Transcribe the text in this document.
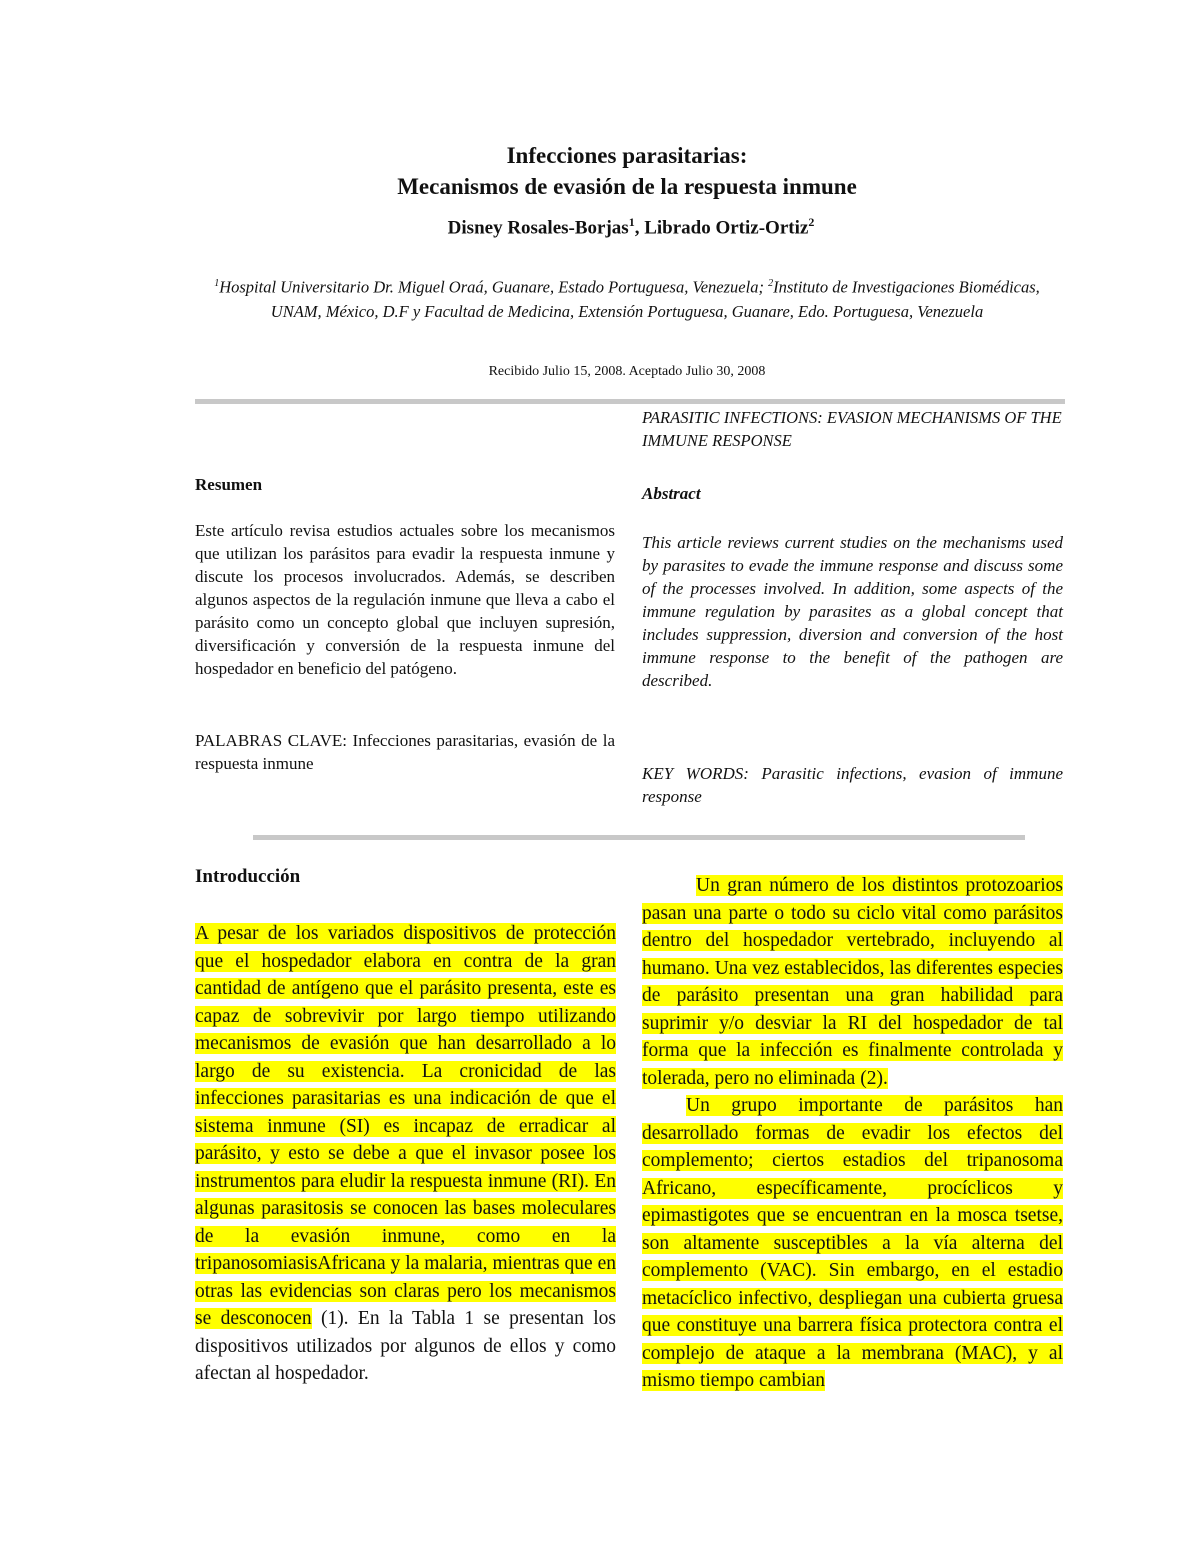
Infecciones parasitarias:
Mecanismos de evasión de la respuesta inmune
Disney Rosales-Borjas$^1$, Librado Ortiz-Ortiz$^2$
$^1$Hospital Universitario Dr. Miguel Oraá, Guanare, Estado Portuguesa, Venezuela; $^2$Instituto de Investigaciones Biomédicas, UNAM, México, D.F y Facultad de Medicina, Extensión Portuguesa, Guanare, Edo. Portuguesa, Venezuela
Recibido Julio 15, 2008. Aceptado Julio 30, 2008
PARASITIC INFECTIONS: EVASION MECHANISMS OF THE IMMUNE RESPONSE
Resumen
Este artículo revisa estudios actuales sobre los mecanismos que utilizan los parásitos para evadir la respuesta inmune y discute los procesos involucrados. Además, se describen algunos aspectos de la regulación inmune que lleva a cabo el parásito como un concepto global que incluyen supresión, diversificación y conversión de la respuesta inmune del hospedador en beneficio del patógeno.
PALABRAS CLAVE: Infecciones parasitarias, evasión de la respuesta inmune
Abstract
This article reviews current studies on the mechanisms used by parasites to evade the immune response and discuss some of the processes involved. In addition, some aspects of the immune regulation by parasites as a global concept that includes suppression, diversion and conversion of the host immune response to the benefit of the pathogen are described.
KEY WORDS: Parasitic infections, evasion of immune response
Introducción
A pesar de los variados dispositivos de protección que el hospedador elabora en contra de la gran cantidad de antígeno que el parásito presenta, este es capaz de sobrevivir por largo tiempo utilizando mecanismos de evasión que han desarrollado a lo largo de su existencia. La cronicidad de las infecciones parasitarias es una indicación de que el sistema inmune (SI) es incapaz de erradicar al parásito, y esto se debe a que el invasor posee los instrumentos para eludir la respuesta inmune (RI). En algunas parasitosis se conocen las bases moleculares de la evasión inmune, como en la tripanosomiasisAfricana y la malaria, mientras que en otras las evidencias son claras pero los mecanismos se desconocen (1). En la Tabla 1 se presentan los dispositivos utilizados por algunos de ellos y como afectan al hospedador.
Un gran número de los distintos protozoarios pasan una parte o todo su ciclo vital como parásitos dentro del hospedador vertebrado, incluyendo al humano. Una vez establecidos, las diferentes especies de parásito presentan una gran habilidad para suprimir y/o desviar la RI del hospedador de tal forma que la infección es finalmente controlada y tolerada, pero no eliminada (2).
Un grupo importante de parásitos han desarrollado formas de evadir los efectos del complemento; ciertos estadios del tripanosoma Africano, específicamente, procíclicos y epimastigotes que se encuentran en la mosca tsetse, son altamente susceptibles a la vía alterna del complemento (VAC). Sin embargo, en el estadio metacíclico infectivo, despliegan una cubierta gruesa que constituye una barrera física protectora contra el complejo de ataque a la membrana (MAC), y al mismo tiempo cambian
